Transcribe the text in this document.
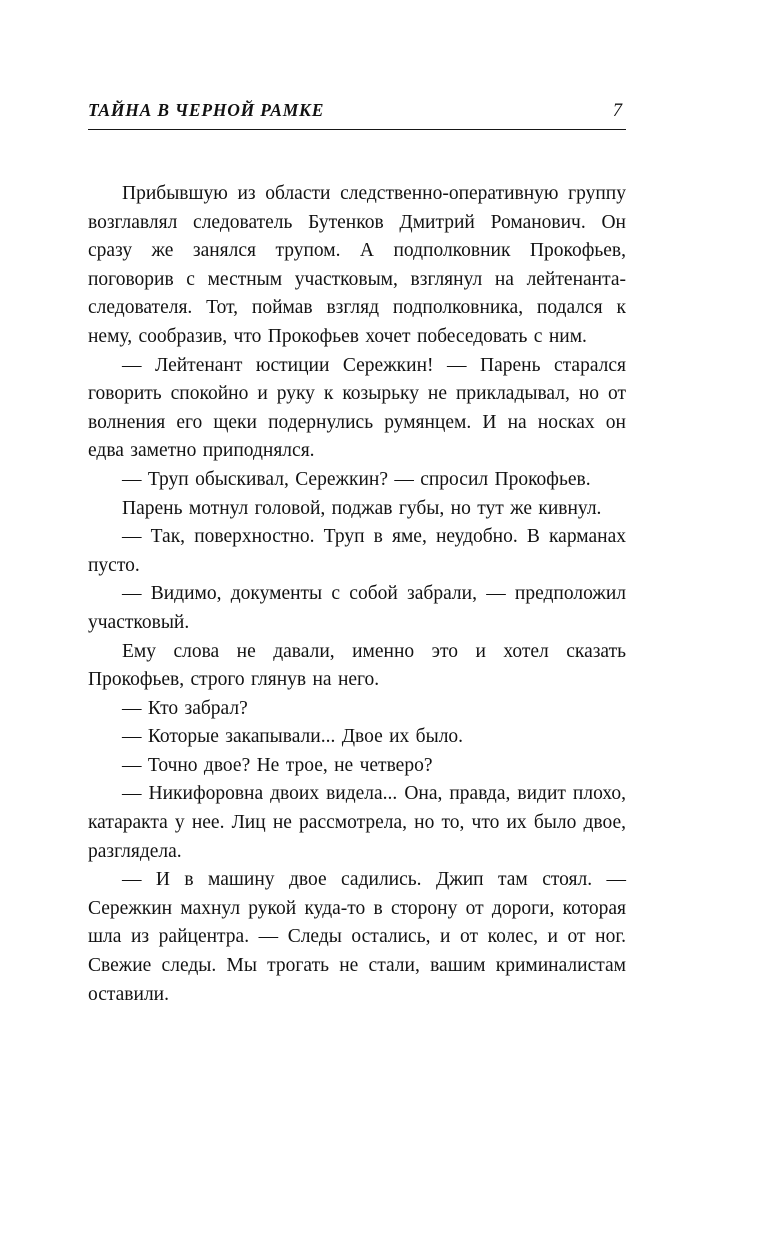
ТАЙНА В ЧЕРНОЙ РАМКЕ	7

Прибывшую из области следственно-оперативную группу возглавлял следователь Бутенков Дмитрий Романович. Он сразу же занялся трупом. А подполковник Прокофьев, поговорив с местным участковым, взглянул на лейтенанта-следователя. Тот, поймав взгляд подполковника, подался к нему, сообразив, что Прокофьев хочет побеседовать с ним.

— Лейтенант юстиции Сережкин! — Парень старался говорить спокойно и руку к козырьку не прикладывал, но от волнения его щеки подернулись румянцем. И на носках он едва заметно приподнялся.

— Труп обыскивал, Сережкин? — спросил Прокофьев.

Парень мотнул головой, поджав губы, но тут же кивнул.

— Так, поверхностно. Труп в яме, неудобно. В карманах пусто.

— Видимо, документы с собой забрали, — предположил участковый.

Ему слова не давали, именно это и хотел сказать Прокофьев, строго глянув на него.

— Кто забрал?

— Которые закапывали... Двое их было.

— Точно двое? Не трое, не четверо?

— Никифоровна двоих видела... Она, правда, видит плохо, катаракта у нее. Лиц не рассмотрела, но то, что их было двое, разглядела.

— И в машину двое садились. Джип там стоял. — Сережкин махнул рукой куда-то в сторону от дороги, которая шла из райцентра. — Следы остались, и от колес, и от ног. Свежие следы. Мы трогать не стали, вашим криминалистам оставили.
